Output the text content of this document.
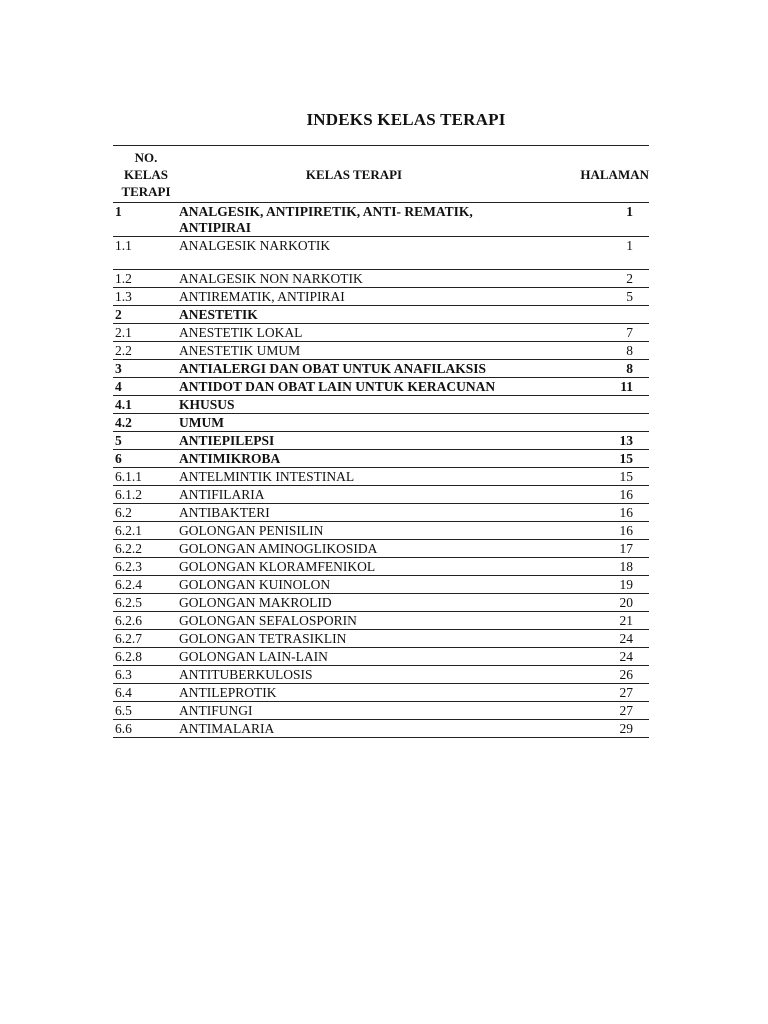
INDEKS KELAS TERAPI
NO.
KELAS
TERAPI	KELAS TERAPI	HALAMAN
1	ANALGESIK, ANTIPIRETIK, ANTI- REMATIK, ANTIPIRAI	1
1.1	ANALGESIK NARKOTIK	1
1.2	ANALGESIK NON NARKOTIK	2
1.3	ANTIREMATIK, ANTIPIRAI	5
2	ANESTETIK	
2.1	ANESTETIK LOKAL	7
2.2	ANESTETIK UMUM	8
3	ANTIALERGI DAN OBAT UNTUK ANAFILAKSIS	8
4	ANTIDOT DAN OBAT LAIN UNTUK KERACUNAN	11
4.1	KHUSUS	
4.2	UMUM	
5	ANTIEPILEPSI	13
6	ANTIMIKROBA	15
6.1.1	ANTELMINTIK INTESTINAL	15
6.1.2	ANTIFILARIA	16
6.2	ANTIBAKTERI	16
6.2.1	GOLONGAN PENISILIN	16
6.2.2	GOLONGAN AMINOGLIKOSIDA	17
6.2.3	GOLONGAN KLORAMFENIKOL	18
6.2.4	GOLONGAN KUINOLON	19
6.2.5	GOLONGAN MAKROLID	20
6.2.6	GOLONGAN SEFALOSPORIN	21
6.2.7	GOLONGAN TETRASIKLIN	24
6.2.8	GOLONGAN LAIN-LAIN	24
6.3	ANTITUBERKULOSIS	26
6.4	ANTILEPROTIK	27
6.5	ANTIFUNGI	27
6.6	ANTIMALARIA	29
